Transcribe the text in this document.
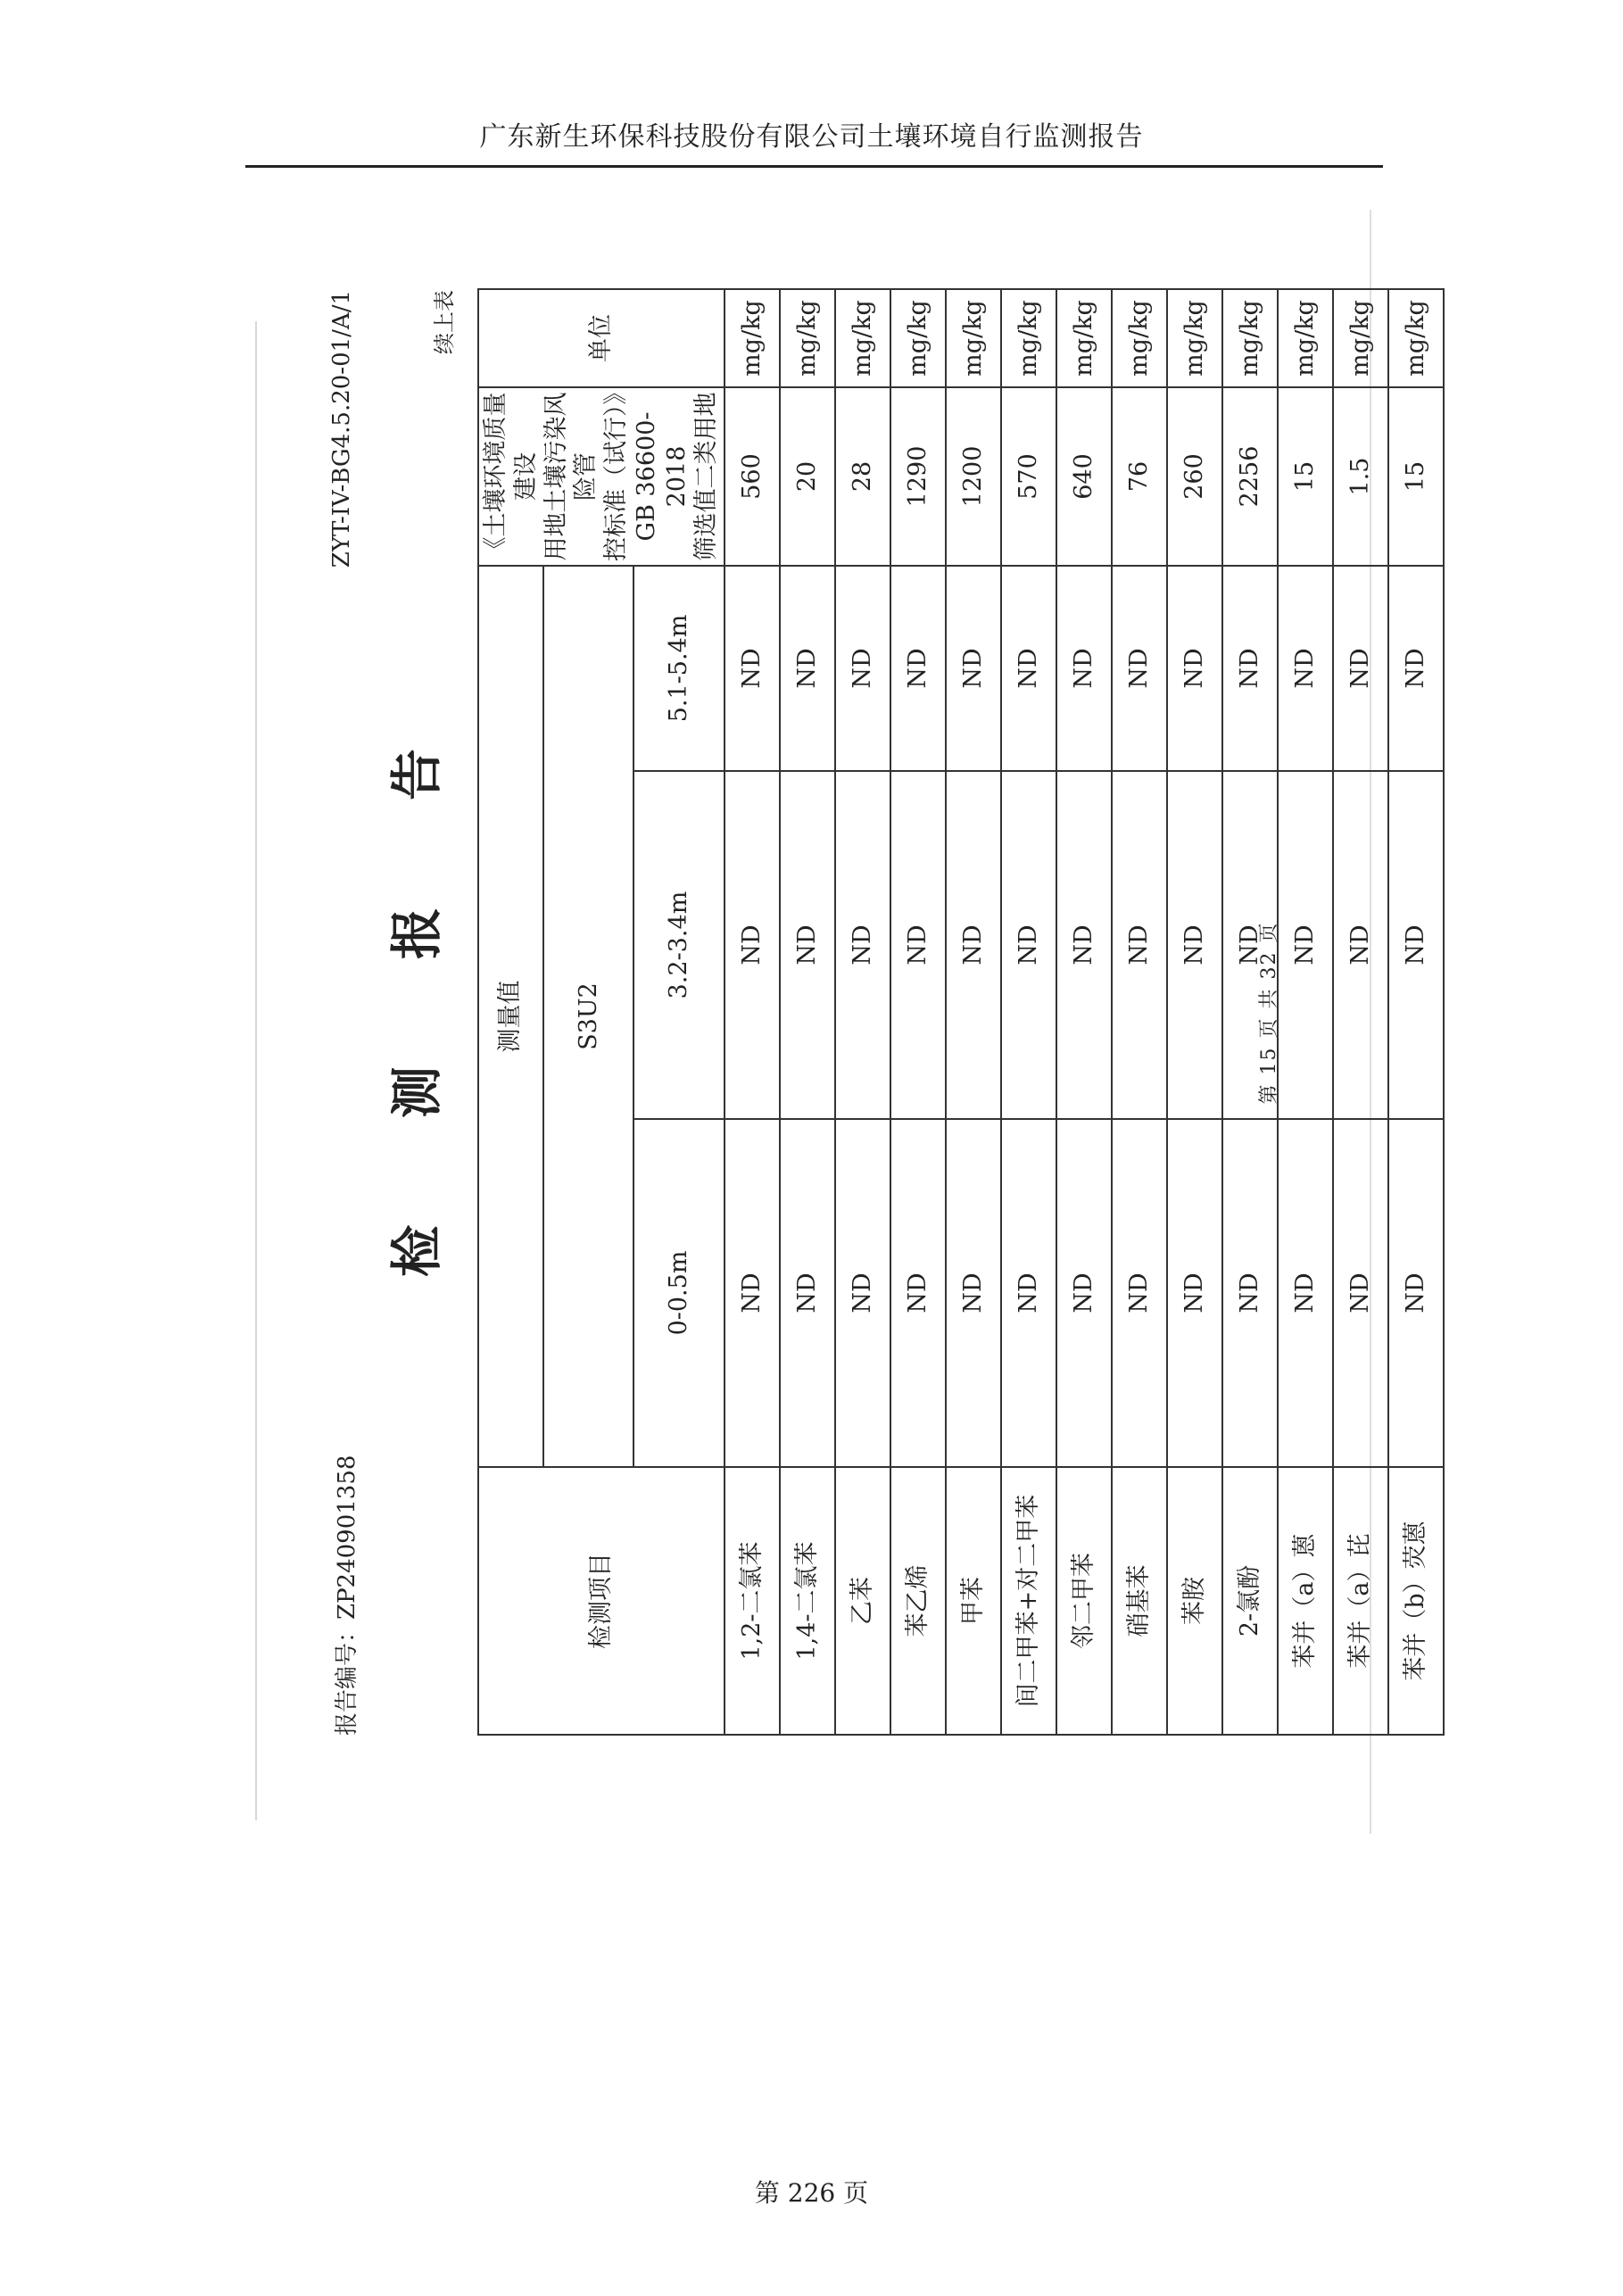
广东新生环保科技股份有限公司土壤环境自行监测报告
报告编号：ZP240901358
ZYT-IV-BG4.5.20-01/A/1
检测报告
续上表
检测项目	测量值			《土壤环境质量 建设 用地土壤污染风险管 控标准（试行）》 GB 36600-2018 筛选值二类用地	单位
	S3U2				
	0-0.5m	3.2-3.4m	5.1-5.4m		
1,2-二氯苯	ND	ND	ND	560	mg/kg
1,4-二氯苯	ND	ND	ND	20	mg/kg
乙苯	ND	ND	ND	28	mg/kg
苯乙烯	ND	ND	ND	1290	mg/kg
甲苯	ND	ND	ND	1200	mg/kg
间二甲苯+对二甲苯	ND	ND	ND	570	mg/kg
邻二甲苯	ND	ND	ND	640	mg/kg
硝基苯	ND	ND	ND	76	mg/kg
苯胺	ND	ND	ND	260	mg/kg
2-氯酚	ND	ND	ND	2256	mg/kg
苯并（a）蒽	ND	ND	ND	15	mg/kg
苯并（a）芘	ND	ND	ND	1.5	mg/kg
苯并（b）荧蒽	ND	ND	ND	15	mg/kg
第 15 页 共 32 页
第 226 页
